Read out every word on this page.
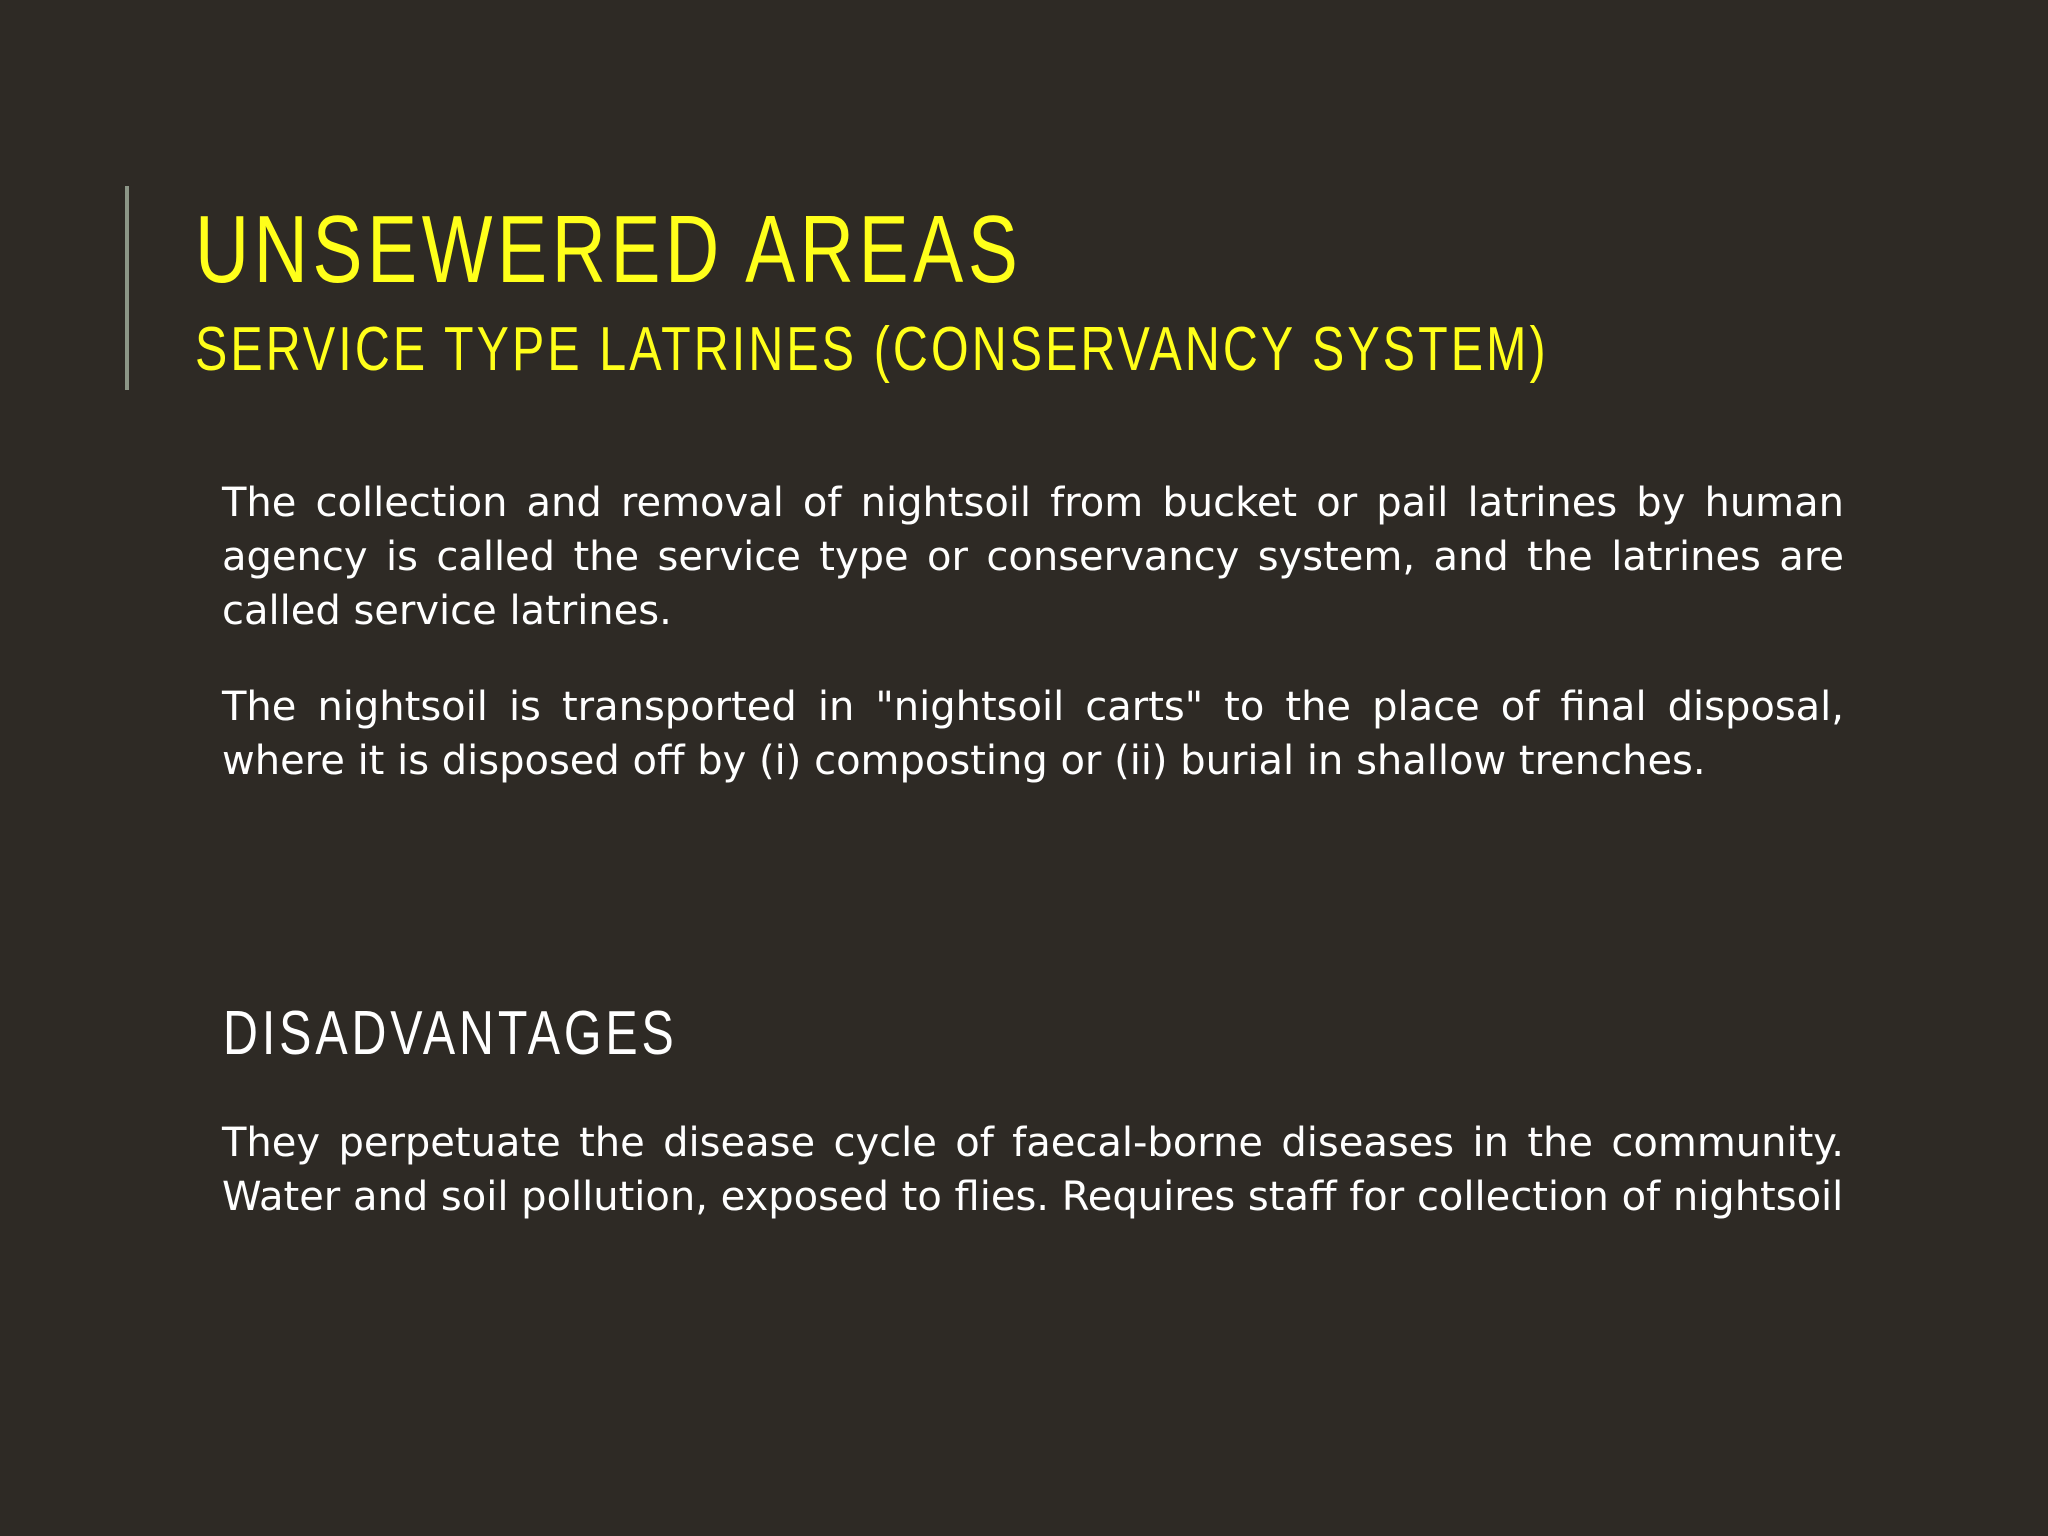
UNSEWERED AREAS
SERVICE TYPE LATRINES (CONSERVANCY SYSTEM)

The collection and removal of nightsoil from bucket or pail latrines by human agency is called the service type or conservancy system, and the latrines are called service latrines.

The nightsoil is transported in "nightsoil carts" to the place of final disposal, where it is disposed off by (i) composting or (ii) burial in shallow trenches.

DISADVANTAGES

They perpetuate the disease cycle of faecal-borne diseases in the community. Water and soil pollution, exposed to flies. Requires staff for collection of nightsoil
